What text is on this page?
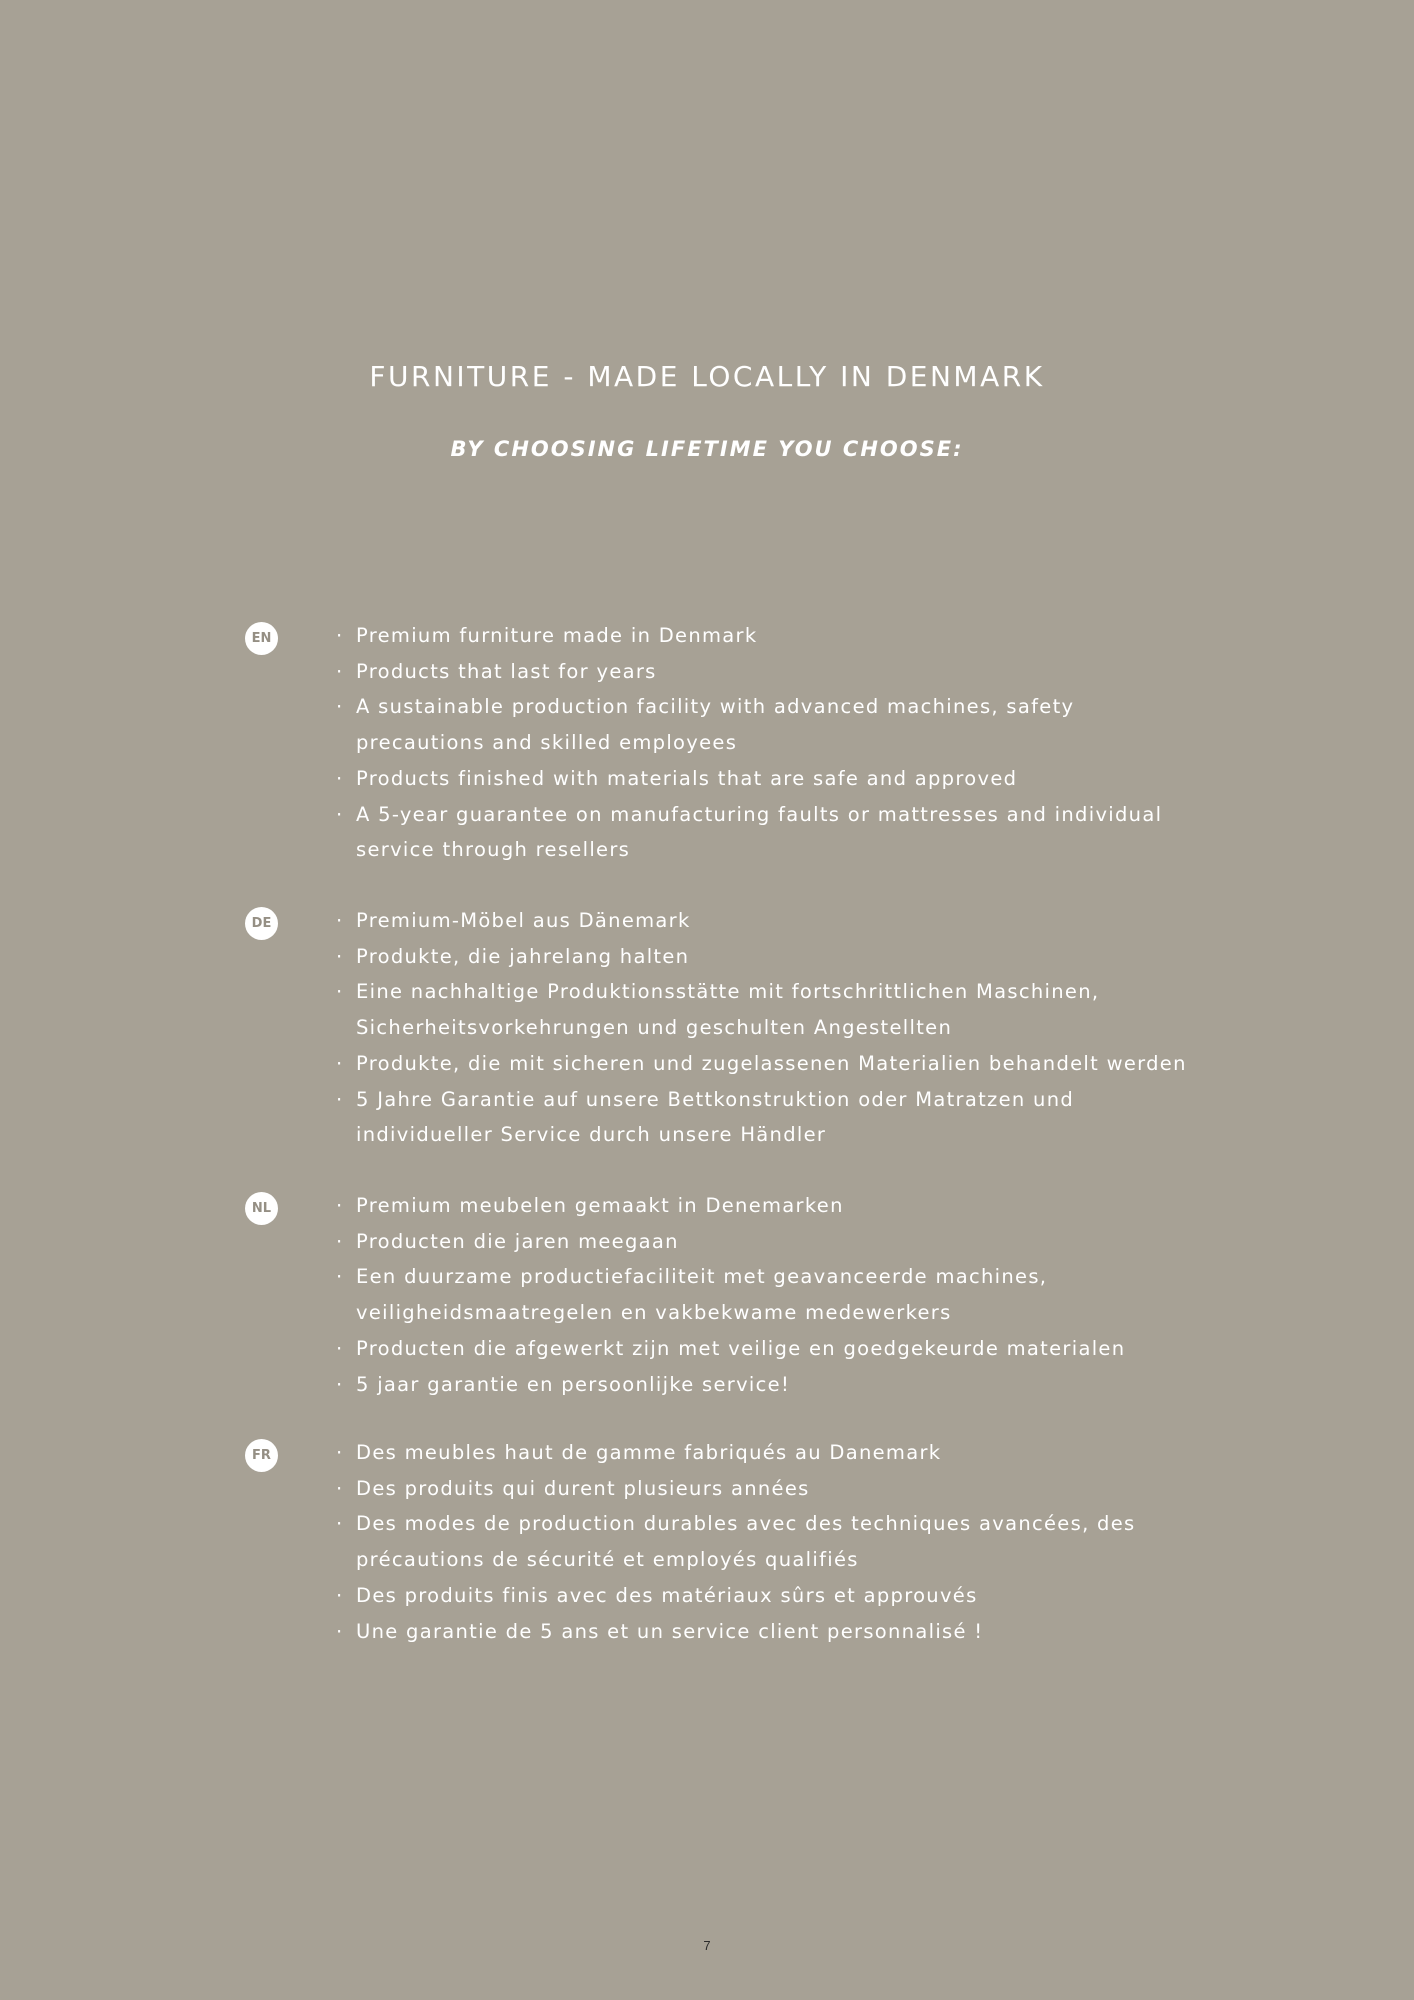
FURNITURE - MADE LOCALLY IN DENMARK
BY CHOOSING LIFETIME YOU CHOOSE:
EN	· Premium furniture made in Denmark
· Products that last for years
· A sustainable production facility with advanced machines, safety
precautions and skilled employees
· Products finished with materials that are safe and approved
· A 5-year guarantee on manufacturing faults or mattresses and individual
service through resellers
DE	· Premium-Möbel aus Dänemark
· Produkte, die jahrelang halten
· Eine nachhaltige Produktionsstätte mit fortschrittlichen Maschinen,
Sicherheitsvorkehrungen und geschulten Angestellten
· Produkte, die mit sicheren und zugelassenen Materialien behandelt werden
· 5 Jahre Garantie auf unsere Bettkonstruktion oder Matratzen und
individueller Service durch unsere Händler
NL	· Premium meubelen gemaakt in Denemarken
· Producten die jaren meegaan
· Een duurzame productiefaciliteit met geavanceerde machines,
veiligheidsmaatregelen en vakbekwame medewerkers
· Producten die afgewerkt zijn met veilige en goedgekeurde materialen
· 5 jaar garantie en persoonlijke service!
FR	· Des meubles haut de gamme fabriqués au Danemark
· Des produits qui durent plusieurs années
· Des modes de production durables avec des techniques avancées, des
précautions de sécurité et employés qualifiés
· Des produits finis avec des matériaux sûrs et approuvés
· Une garantie de 5 ans et un service client personnalisé !
7
